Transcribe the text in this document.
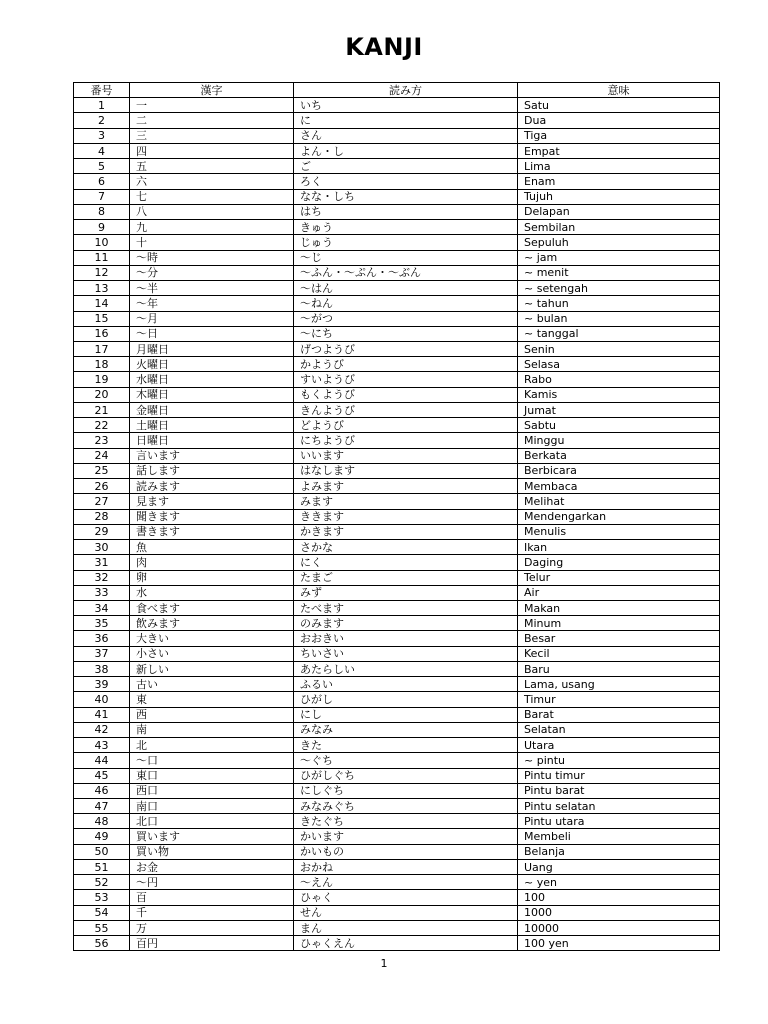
KANJI
番号	漢字	読み方	意味
1	一	いち	Satu
2	二	に	Dua
3	三	さん	Tiga
4	四	よん・し	Empat
5	五	ご	Lima
6	六	ろく	Enam
7	七	なな・しち	Tujuh
8	八	はち	Delapan
9	九	きゅう	Sembilan
10	十	じゅう	Sepuluh
11	～時	～じ	~ jam
12	～分	～ふん・～ぷん・～ぶん	~ menit
13	～半	～はん	~ setengah
14	～年	～ねん	~ tahun
15	～月	～がつ	~ bulan
16	～日	～にち	~ tanggal
17	月曜日	げつようび	Senin
18	火曜日	かようび	Selasa
19	水曜日	すいようび	Rabo
20	木曜日	もくようび	Kamis
21	金曜日	きんようび	Jumat
22	土曜日	どようび	Sabtu
23	日曜日	にちようび	Minggu
24	言います	いいます	Berkata
25	話します	はなします	Berbicara
26	読みます	よみます	Membaca
27	見ます	みます	Melihat
28	聞きます	ききます	Mendengarkan
29	書きます	かきます	Menulis
30	魚	さかな	Ikan
31	肉	にく	Daging
32	卵	たまご	Telur
33	水	みず	Air
34	食べます	たべます	Makan
35	飲みます	のみます	Minum
36	大きい	おおきい	Besar
37	小さい	ちいさい	Kecil
38	新しい	あたらしい	Baru
39	古い	ふるい	Lama, usang
40	東	ひがし	Timur
41	西	にし	Barat
42	南	みなみ	Selatan
43	北	きた	Utara
44	～口	～ぐち	~ pintu
45	東口	ひがしぐち	Pintu timur
46	西口	にしぐち	Pintu barat
47	南口	みなみぐち	Pintu selatan
48	北口	きたぐち	Pintu utara
49	買います	かいます	Membeli
50	買い物	かいもの	Belanja
51	お金	おかね	Uang
52	～円	～えん	~ yen
53	百	ひゃく	100
54	千	せん	1000
55	万	まん	10000
56	百円	ひゃくえん	100 yen
1
